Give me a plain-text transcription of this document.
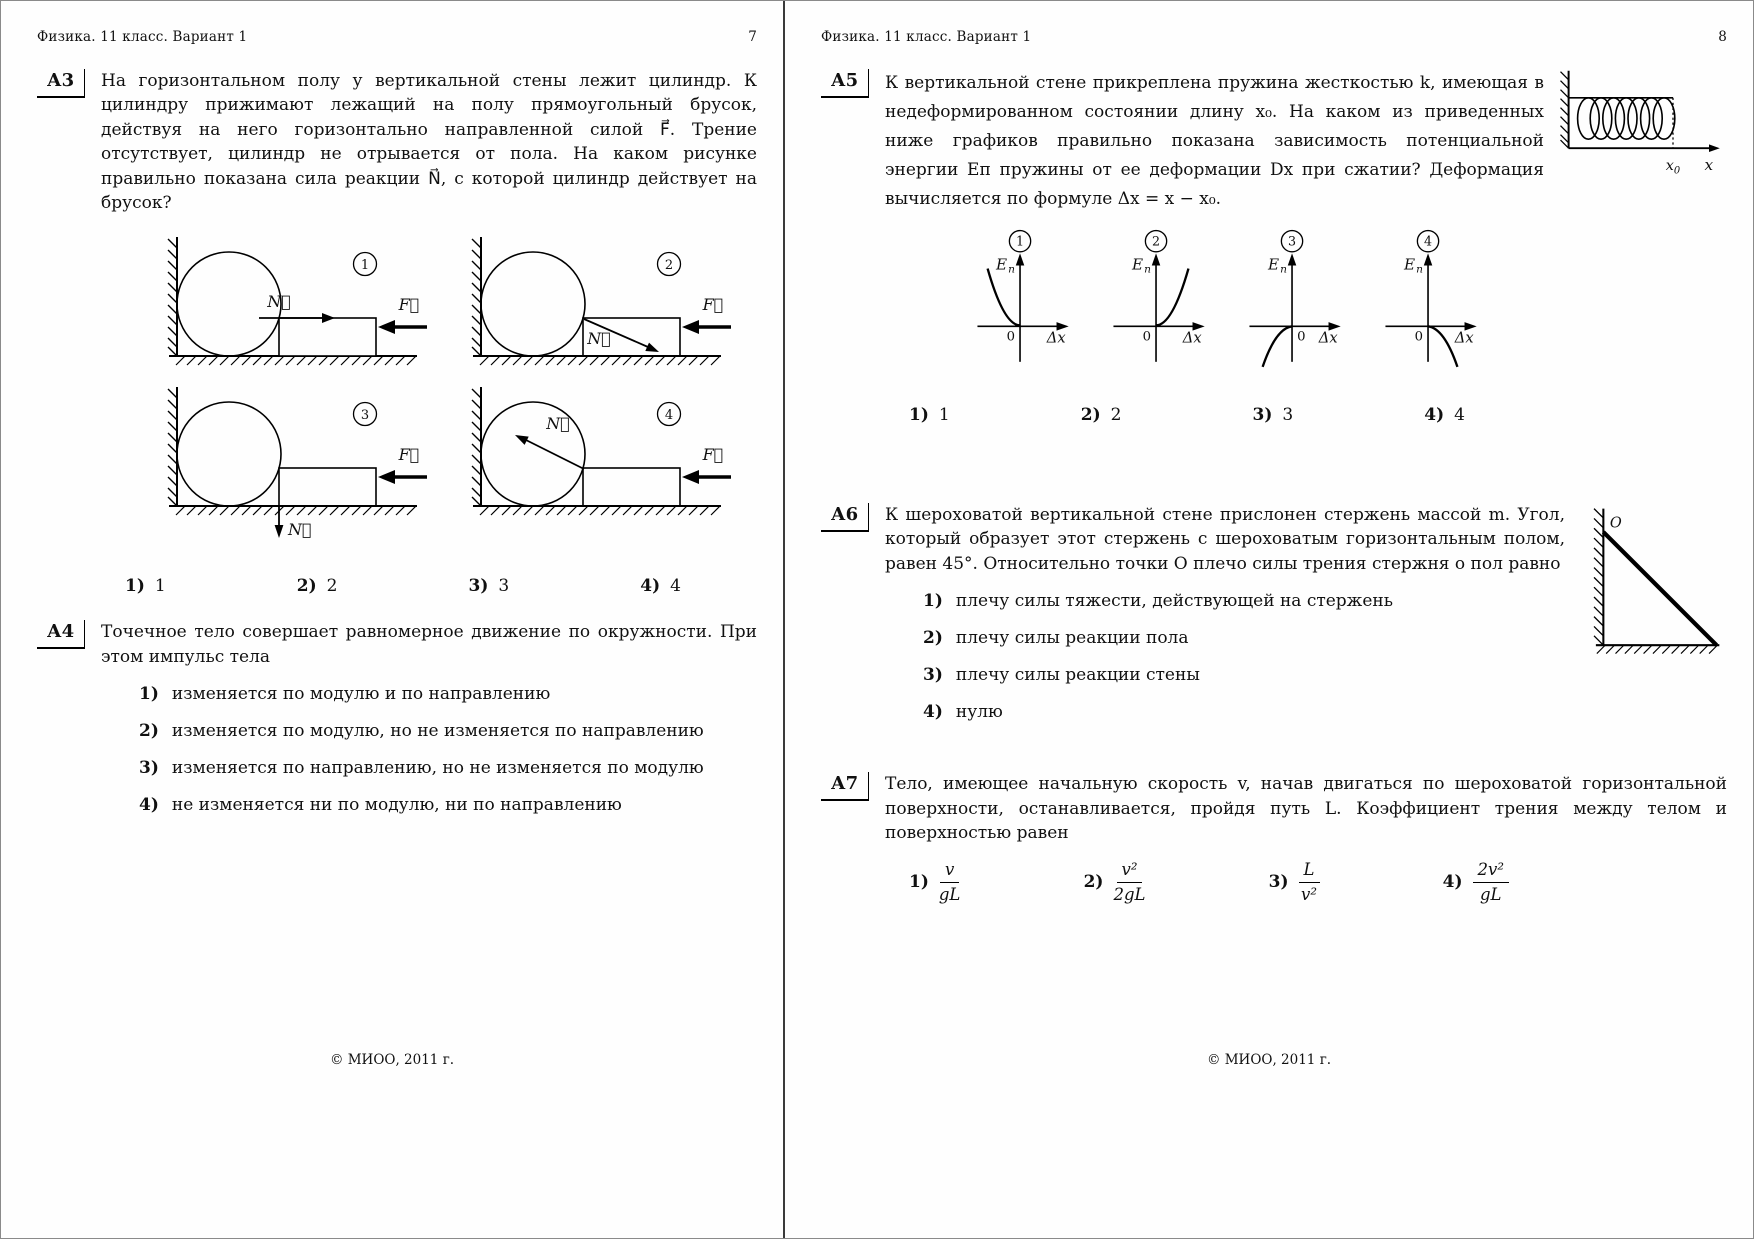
Физика. 11 класс. Вариант 1	7
А3	На горизонтальном полу у вертикальной стены лежит цилиндр. К цилиндру прижимают лежащий на полу прямоугольный брусок, действуя на него горизонтально направленной силой F⃗. Трение отсутствует, цилиндр не отрывается от пола. На каком рисунке правильно показана сила реакции N⃗, с которой цилиндр действует на брусок?
N⃗	F⃗
1
N⃗
F⃗
2
N⃗
F⃗
3	N⃗
F⃗
4
1) 1	2) 2	3) 3	4) 4
А4	Точечное тело совершает равномерное движение по окружности. При этом импульс тела
1) изменяется по модулю и по направлению
2) изменяется по модулю, но не изменяется по направлению
3) изменяется по направлению, но не изменяется по модулю
4) не изменяется ни по модулю, ни по направлению
© МИОО, 2011 г.
Физика. 11 класс. Вариант 1	8
А5
$x_0$ x
К вертикальной стене прикреплена пружина жесткостью k, имеющая в недеформированном состоянии длину x₀. На каком из приведенных ниже графиков правильно показана зависимость потенциальной энергии Eп пружины от ее деформации Dx при сжатии? Деформация вычисляется по формуле Δx = x − x₀.
1
$E_п$
Δx
0
2
$E_п$
Δx
0
3
$E_п$
Δx
0
4
$E_п$
Δx
0
1) 1	2) 2	3) 3	4) 4
А6	O
К шероховатой вертикальной стене прислонен стержень массой m. Угол, который образует этот стержень с шероховатым горизонтальным полом, равен 45°. Относительно точки O плечо силы трения стержня о пол равно
1) плечу силы тяжести, действующей на стержень
2) плечу силы реакции пола
3) плечу силы реакции стены
4) нулю
А7	Тело, имеющее начальную скорость v, начав двигаться по шероховатой горизонтальной поверхности, останавливается, пройдя путь L. Коэффициент трения между телом и поверхностью равен
$1) \frac{v}{gL}$	$2) \frac{\text{v²}}{2gL}$	$3) \frac{L}{\text{v²}}$	$4) \frac{\text{2v²}}{gL}$
© МИОО, 2011 г.
